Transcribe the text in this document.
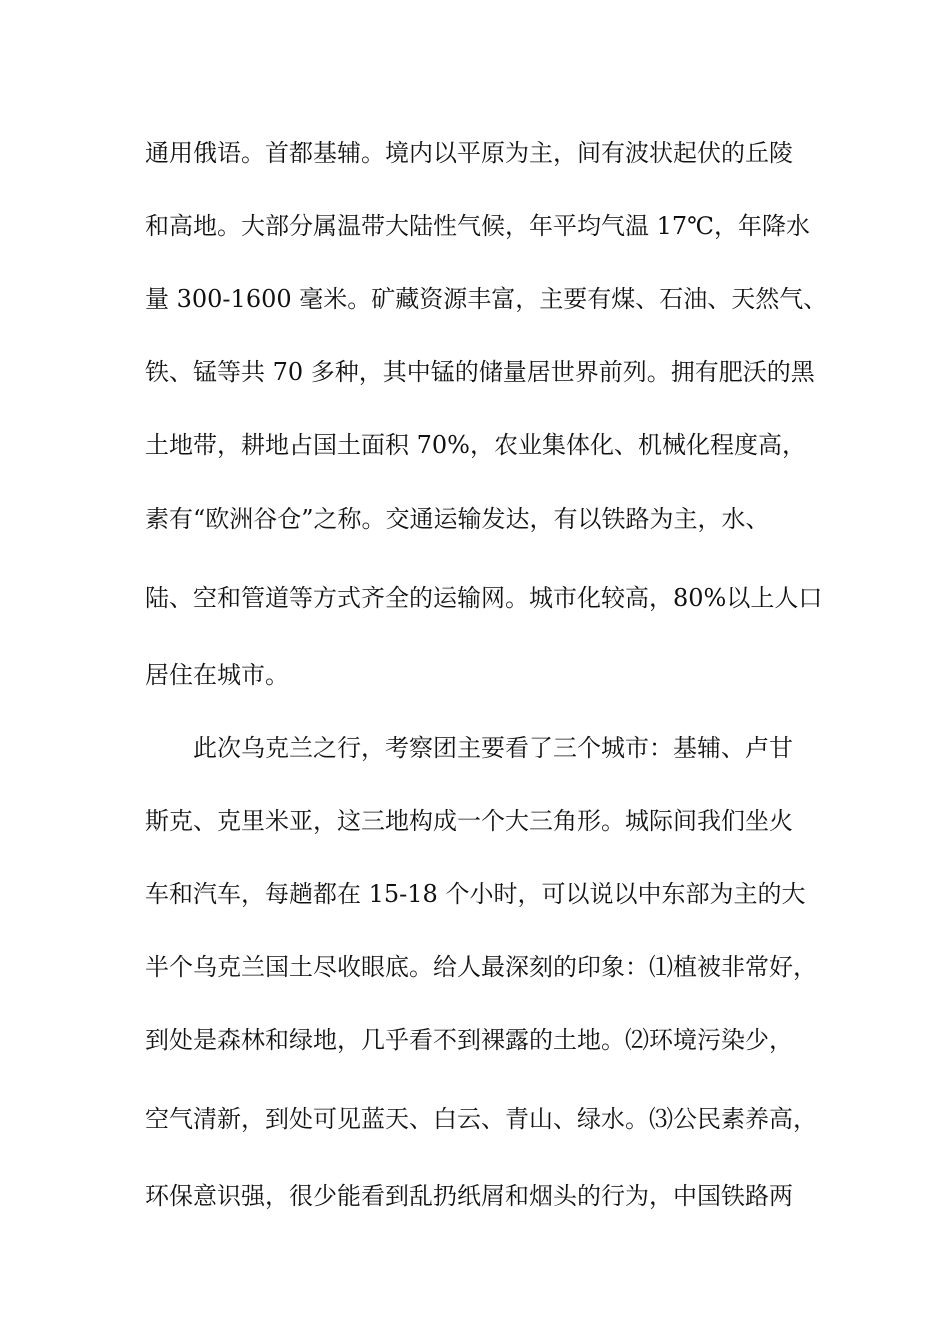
通用俄语。首都基辅。境内以平原为主，间有波状起伏的丘陵
和高地。大部分属温带大陆性气候，年平均气温 17℃，年降水
量 300-1600 毫米。矿藏资源丰富，主要有煤、石油、天然气、
铁、锰等共 70 多种，其中锰的储量居世界前列。拥有肥沃的黑
土地带，耕地占国土面积 70%，农业集体化、机械化程度高，
素有“欧洲谷仓”之称。交通运输发达，有以铁路为主，水、
陆、空和管道等方式齐全的运输网。城市化较高，80%以上人口
居住在城市。
此次乌克兰之行，考察团主要看了三个城市：基辅、卢甘
斯克、克里米亚，这三地构成一个大三角形。城际间我们坐火
车和汽车，每趟都在 15-18 个小时，可以说以中东部为主的大
半个乌克兰国土尽收眼底。给人最深刻的印象：⑴植被非常好，
到处是森林和绿地，几乎看不到裸露的土地。⑵环境污染少，
空气清新，到处可见蓝天、白云、青山、绿水。⑶公民素养高，
环保意识强，很少能看到乱扔纸屑和烟头的行为，中国铁路两
